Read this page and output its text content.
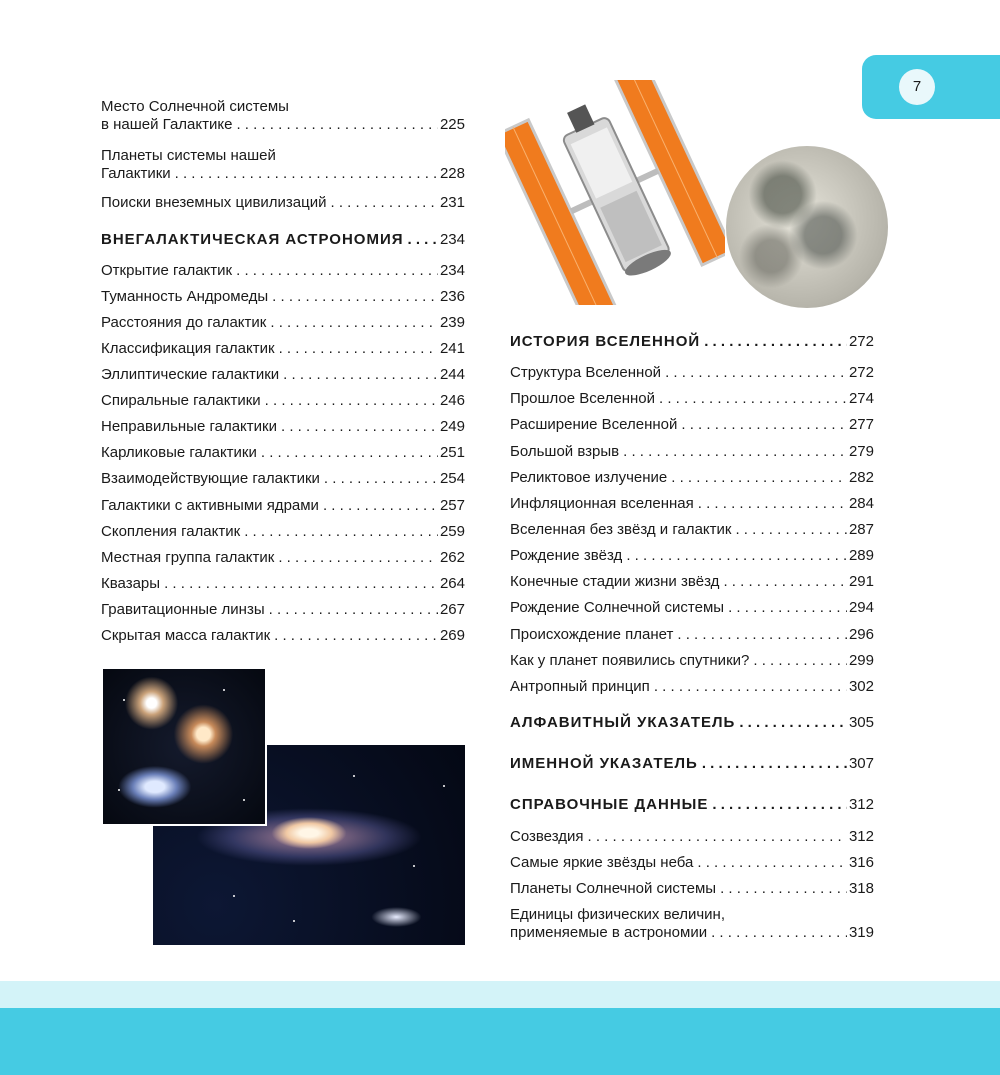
7
Место Солнечной системы
в нашей Галактике . . .	225
Планеты системы нашей
Галактики . . .	228
Поиски внеземных цивилизаций . . .	231
ВНЕГАЛАКТИЧЕСКАЯ АСТРОНОМИЯ . . . 234
Открытие галактик . . .	234
Туманность Андромеды . . .	236
Расстояния до галактик . . .	239
Классификация галактик . . .	241
Эллиптические галактики . . .	244
Спиральные галактики . . .	246
Неправильные галактики . . .	249
Карликовые галактики . . .	251
Взаимодействующие галактики . . .	254
Галактики с активными ядрами . . .	257
Скопления галактик . . .	259
Местная группа галактик . . .	262
Квазары . . .	264
Гравитационные линзы . . .	267
Скрытая масса галактик . . .	269
ИСТОРИЯ ВСЕЛЕННОЙ . . .	272
Структура Вселенной . . .	272
Прошлое Вселенной . . .	274
Расширение Вселенной . . .	277
Большой взрыв . . .	279
Реликтовое излучение . . .	282
Инфляционная вселенная . . .	284
Вселенная без звёзд и галактик . . .	287
Рождение звёзд . . .	289
Конечные стадии жизни звёзд . . .	291
Рождение Солнечной системы . . .	294
Происхождение планет . . .	296
Как у планет появились спутники? . . .	299
Антропный принцип . . .	302
АЛФАВИТНЫЙ УКАЗАТЕЛЬ . . .	305
ИМЕННОЙ УКАЗАТЕЛЬ . . .	307
СПРАВОЧНЫЕ ДАННЫЕ . . .	312
Созвездия . . .	312
Самые яркие звёзды неба . . .	316
Планеты Солнечной системы . . .	318
Единицы физических величин,
применяемые в астрономии . . .	319
